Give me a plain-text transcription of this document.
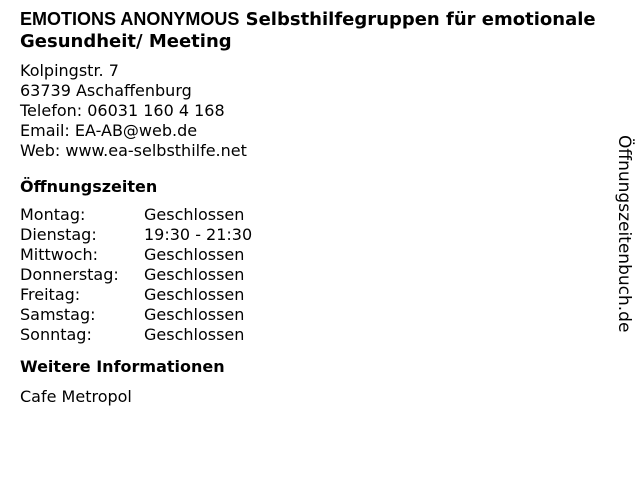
EMOTIONS ANONYMOUS Selbsthilfegruppen für emotionale Gesundheit/ Meeting
Kolpingstr. 7
63739 Aschaffenburg
Telefon: 06031 160 4 168
Email: EA-AB@web.de
Web: www.ea-selbsthilfe.net
Öffnungszeiten
Montag:	Geschlossen
Dienstag:	19:30 - 21:30
Mittwoch:	Geschlossen
Donnerstag:	Geschlossen
Freitag:	Geschlossen
Samstag:	Geschlossen
Sonntag:	Geschlossen
Weitere Informationen
Cafe Metropol
Öffnungszeitenbuch.de
